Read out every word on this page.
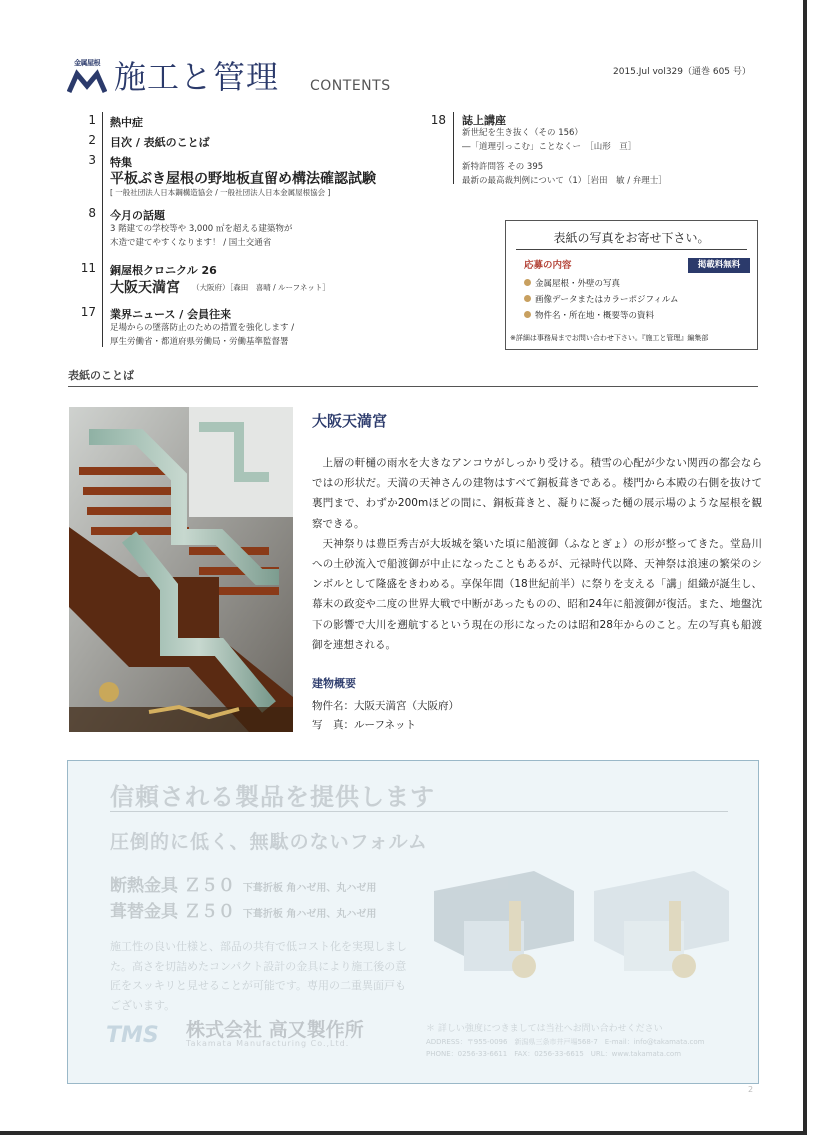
金属屋根 施工と管理 CONTENTS
2015.Jul vol329（通巻 605 号）
1 熱中症
2 目次 / 表紙のことば
3 特集
平板ぶき屋根の野地板直留め構法確認試験
[ 一般社団法人日本鋼構造協会 / 一般社団法人日本金属屋根協会 ]
8 今月の話題
3 階建ての学校等や 3,000 ㎡を超える建築物が
木造で建てやすくなります！ / 国土交通省
11 銅屋根クロニクル 26
大阪天満宮 （大阪府）［森田　喜晴 / ルーフネット］
17 業界ニュース / 会員往来
足場からの墜落防止のための措置を強化します /
厚生労働省・都道府県労働局・労働基準監督署
18 誌上講座
新世紀を生き抜く（その 156）
―「道理引っこむ」ことなくー　［山形　亘］
新特許問答 その 395
最新の最高裁判例について（1）［岩田　敏 / 弁理士］
表紙の写真をお寄せ下さい。
応募の内容	掲載料無料
金属屋根・外壁の写真
画像データまたはカラーポジフィルム
物件名・所在地・概要等の資料
※詳細は事務局までお問い合わせ下さい。『施工と管理』編集部
表紙のことば
大阪天満宮

上層の軒樋の雨水を大きなアンコウがしっかり受ける。積雪の心配が少ない関西の都会ならではの形状だ。天満の天神さんの建物はすべて銅板葺きである。楼門から本殿の右側を抜けて裏門まで、わずか200mほどの間に、銅板葺きと、凝りに凝った樋の展示場のような屋根を観察できる。

天神祭りは豊臣秀吉が大坂城を築いた頃に船渡御（ふなとぎょ）の形が整ってきた。堂島川への土砂流入で船渡御が中止になったこともあるが、元禄時代以降、天神祭は浪速の繁栄のシンボルとして隆盛をきわめる。享保年間（18世紀前半）に祭りを支える「講」組織が誕生し、幕末の政変や二度の世界大戦で中断があったものの、昭和24年に船渡御が復活。また、地盤沈下の影響で大川を遡航するという現在の形になったのは昭和28年からのこと。左の写真も船渡御を連想される。

建物概要
物件名：大阪天満宮（大阪府）
写　真：ルーフネット
信頼される製品を提供します
圧倒的に低く、無駄のないフォルム
断熱金具 Ｚ５０ 下葺折板 角ハゼ用、丸ハゼ用
葺替金具 Ｚ５０ 下葺折板 角ハゼ用、丸ハゼ用
施工性の良い仕様と、部品の共有で低コスト化を実現しました。高さを切詰めたコンパクト設計の金具により施工後の意匠をスッキリと見せることが可能です。専用の二重異面戸もございます。
TMS 株式会社 高又製作所
Takamata Manufacturing Co.,Ltd.
＊ 詳しい強度につきましては当社へお問い合わせください
ADDRESS：〒955-0096　新潟県三条市井戸場568-7　E-mail：info@takamata.com
PHONE：0256-33-6611　FAX：0256-33-6615　URL：www.takamata.com
2
